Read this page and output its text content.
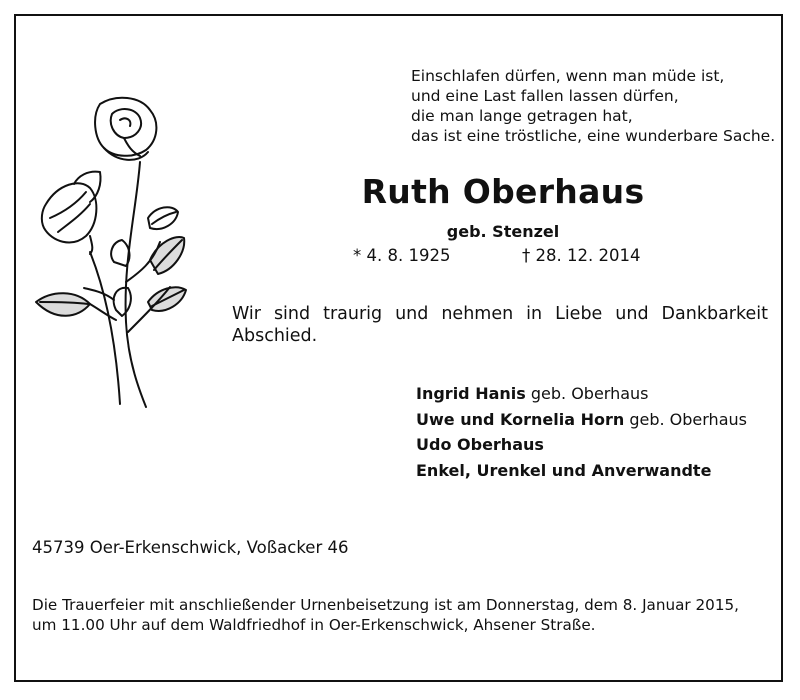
Einschlafen dürfen, wenn man müde ist,
und eine Last fallen lassen dürfen,
die man lange getragen hat,
das ist eine tröstliche, eine wunderbare Sache.
Ruth Oberhaus
geb. Stenzel
* 4. 8. 1925	† 28. 12. 2014
Wir sind traurig und nehmen in Liebe und Dankbarkeit Abschied.
Ingrid Hanis geb. Oberhaus
Uwe und Kornelia Horn geb. Oberhaus
Udo Oberhaus
Enkel, Urenkel und Anverwandte
45739 Oer-Erkenschwick, Voßacker 46
Die Trauerfeier mit anschließender Urnenbeisetzung ist am Donnerstag, dem 8. Januar 2015,
um 11.00 Uhr auf dem Waldfriedhof in Oer-Erkenschwick, Ahsener Straße.
